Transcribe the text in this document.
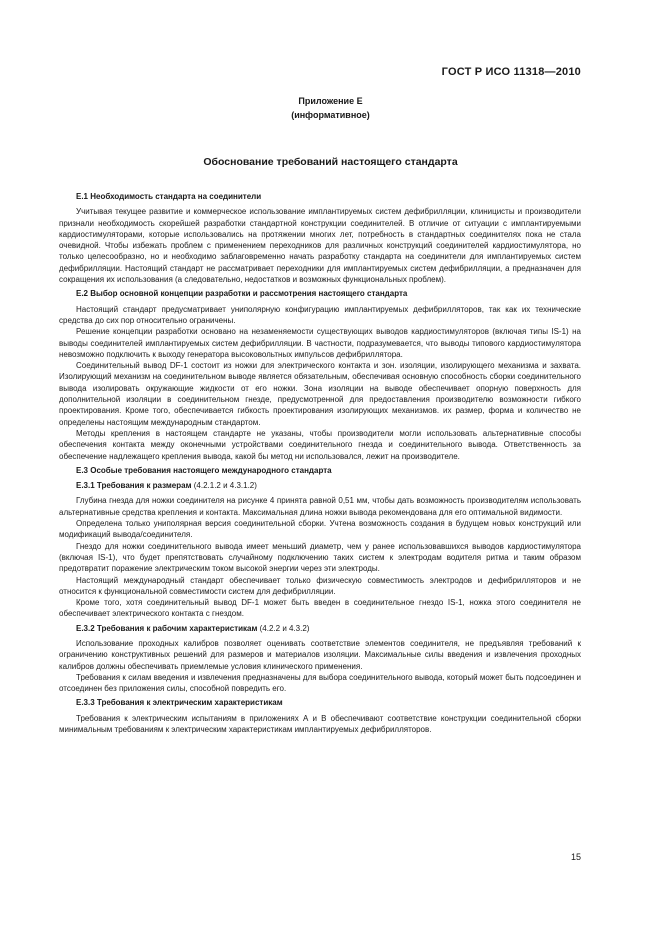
ГОСТ Р ИСО 11318—2010
Приложение Е
(информативное)
Обоснование требований настоящего стандарта
Е.1 Необходимость стандарта на соединители

Учитывая текущее развитие и коммерческое использование имплантируемых систем дефибрилляции, клиницисты и производители признали необходимость скорейшей разработки стандартной конструкции соединителей. В отличие от ситуации с имплантируемыми кардиостимуляторами, которые использовались на протяжении многих лет, потребность в стандартных соединителях пока не стала очевидной. Чтобы избежать проблем с применением переходников для различных конструкций соединителей кардиостимулятора, но только целесообразно, но и необходимо заблаговременно начать разработку стандарта на соединители для имплантируемых систем дефибрилляции. Настоящий стандарт не рассматривает переходники для имплантируемых систем дефибрилляции, а предназначен для сокращения их использования (а следовательно, недостатков и возможных функциональных проблем).

Е.2 Выбор основной концепции разработки и рассмотрения настоящего стандарта

Настоящий стандарт предусматривает униполярную конфигурацию имплантируемых дефибрилляторов, так как их технические средства до сих пор относительно ограничены.

Решение концепции разработки основано на незаменяемости существующих выводов кардиостимуляторов (включая типы IS-1) на выводы соединителей имплантируемых систем дефибрилляции. В частности, подразумевается, что выводы типового кардиостимулятора невозможно подключить к выходу генератора высоковольтных импульсов дефибриллятора.

Соединительный вывод DF-1 состоит из ножки для электрического контакта и зон. изоляции, изолирующего механизма и захвата. Изолирующий механизм на соединительном выводе является обязательным, обеспечивая основную способность сборки соединительного вывода изолировать окружающие жидкости от его ножки. Зона изоляции на выводе обеспечивает опорную поверхность для дополнительной изоляции в соединительном гнезде, предусмотренной для предоставления производителю возможности гибкого проектирования. Кроме того, обеспечивается гибкость проектирования изолирующих механизмов. их размер, форма и количество не определены настоящим международным стандартом.

Методы крепления в настоящем стандарте не указаны, чтобы производители могли использовать альтернативные способы обеспечения контакта между оконечными устройствами соединительного гнезда и соединительного вывода. Ответственность за обеспечение надлежащего крепления вывода, какой бы метод ни использовался, лежит на производителе.

Е.3 Особые требования настоящего международного стандарта
Е.3.1 Требования к размерам (4.2.1.2 и 4.3.1.2)

Глубина гнезда для ножки соединителя на рисунке 4 принята равной 0,51 мм, чтобы дать возможность производителям использовать альтернативные средства крепления и контакта. Максимальная длина ножки вывода рекомендована для его оптимальной видимости.

Определена только униполярная версия соединительной сборки. Учтена возможность создания в будущем новых конструкций или модификаций вывода/соединителя.

Гнездо для ножки соединительного вывода имеет меньший диаметр, чем у ранее использовавшихся выводов кардиостимулятора (включая IS-1), что будет препятствовать случайному подключению таких систем к электродам водителя ритма и таким образом предотвратит поражение электрическим током высокой энергии через эти электроды.

Настоящий международный стандарт обеспечивает только физическую совместимость электродов и дефибрилляторов и не относится к функциональной совместимости систем для дефибрилляции.

Кроме того, хотя соединительный вывод DF-1 может быть введен в соединительное гнездо IS-1, ножка этого соединителя не обеспечивает электрического контакта с гнездом.

Е.3.2 Требования к рабочим характеристикам (4.2.2 и 4.3.2)

Использование проходных калибров позволяет оценивать соответствие элементов соединителя, не предъявляя требований к ограничению конструктивных решений для размеров и материалов изоляции. Максимальные силы введения и извлечения проходных калибров должны обеспечивать приемлемые условия клинического применения.

Требования к силам введения и извлечения предназначены для выбора соединительного вывода, который может быть подсоединен и отсоединен без приложения силы, способной повредить его.

Е.3.3 Требования к электрическим характеристикам

Требования к электрическим испытаниям в приложениях А и В обеспечивают соответствие конструкции соединительной сборки минимальным требованиям к электрическим характеристикам имплантируемых дефибрилляторов.

15
